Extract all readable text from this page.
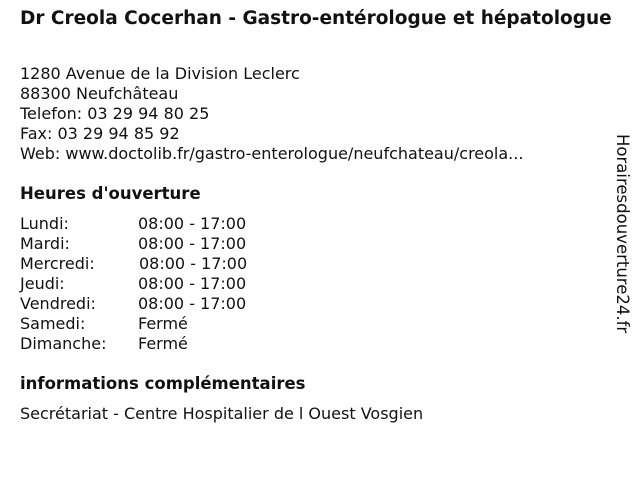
Dr Creola Cocerhan - Gastro-entérologue et hépatologue
1280 Avenue de la Division Leclerc
88300 Neufchâteau
Telefon: 03 29 94 80 25
Fax: 03 29 94 85 92
Web: www.doctolib.fr/gastro-enterologue/neufchateau/creola...
Heures d'ouverture
Lundi:	08:00 - 17:00
Mardi:	08:00 - 17:00
Mercredi:	08:00 - 17:00
Jeudi:	08:00 - 17:00
Vendredi:	08:00 - 17:00
Samedi:	Fermé
Dimanche: Fermé
informations complémentaires
Secrétariat - Centre Hospitalier de l Ouest Vosgien
Horairesdouverture24.fr
